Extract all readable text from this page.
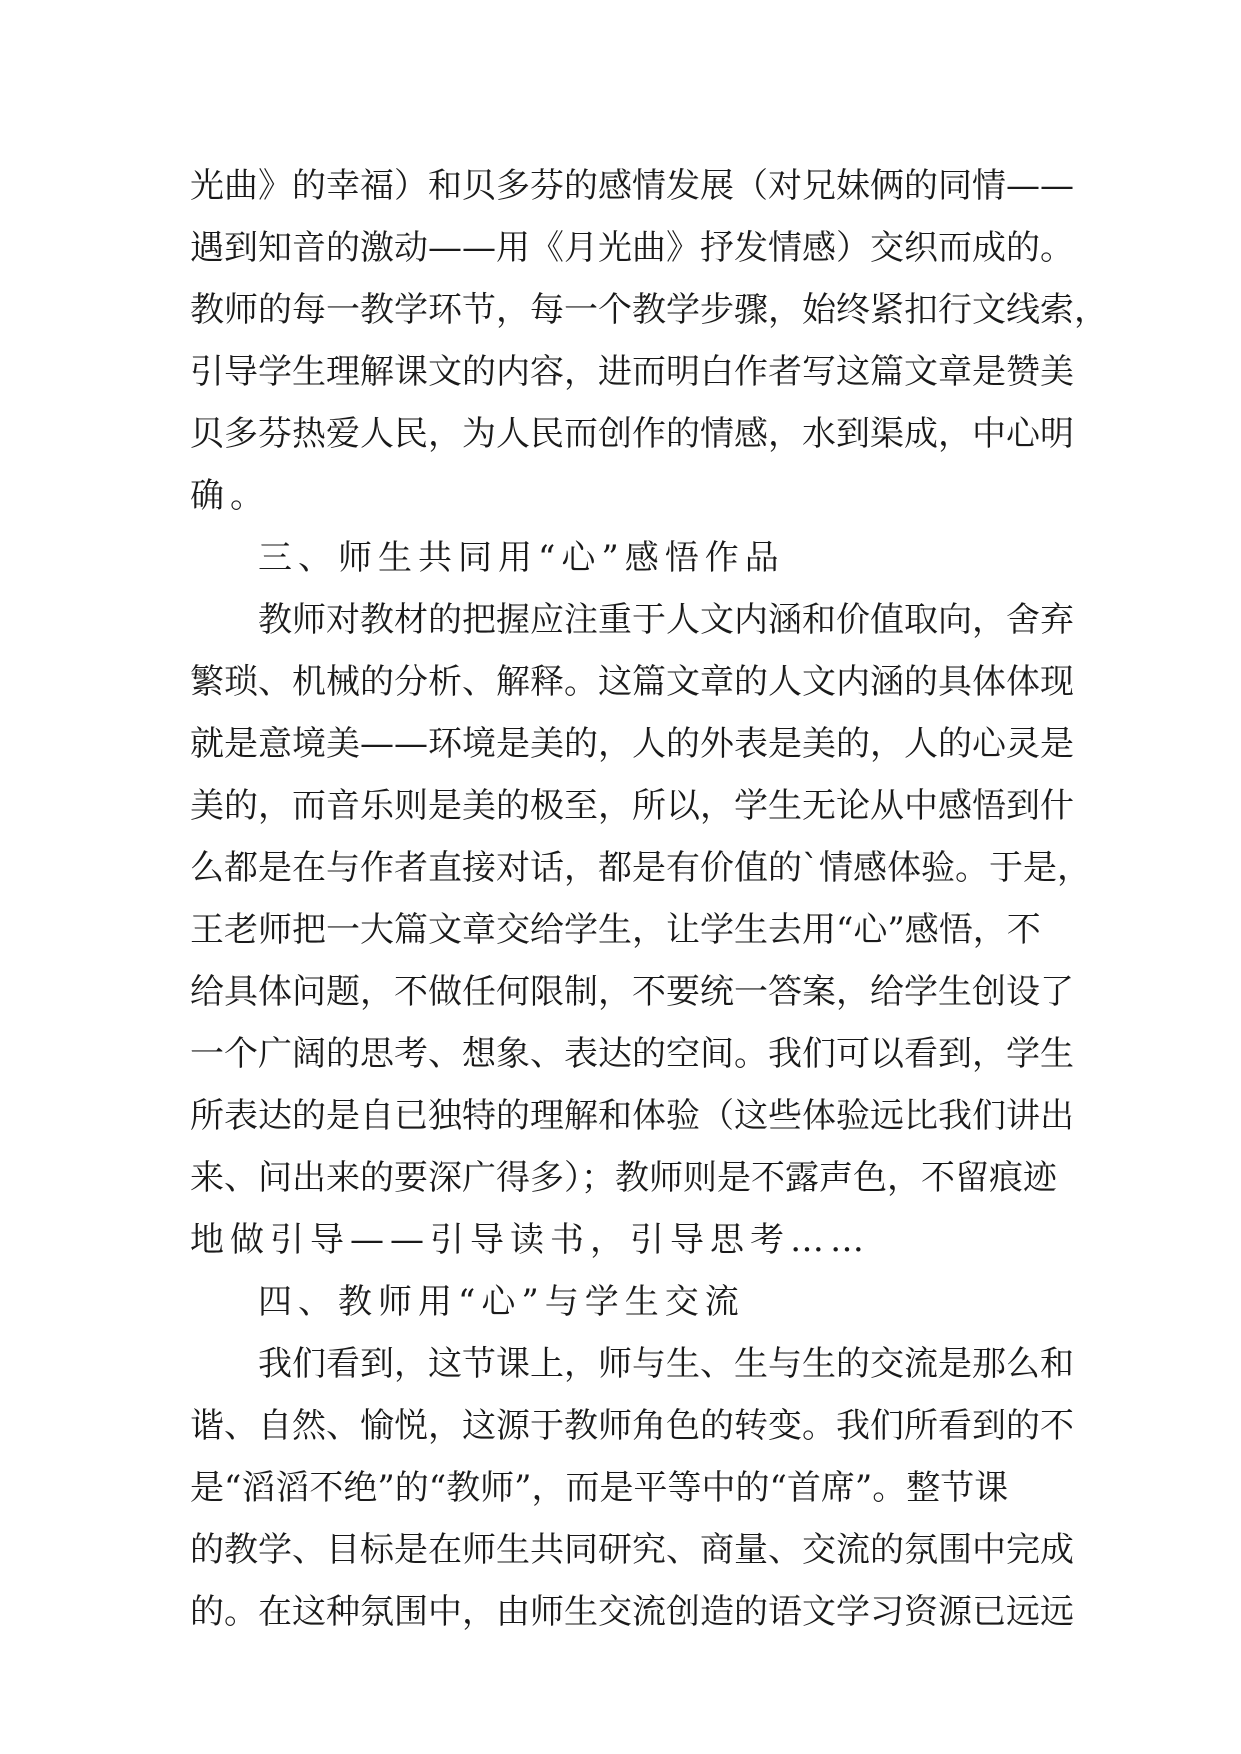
光曲》的幸福）和贝多芬的感情发展（对兄妹俩的同情——
遇到知音的激动——用《月光曲》抒发情感）交织而成的。
教师的每一教学环节，每一个教学步骤，始终紧扣行文线索，
引导学生理解课文的内容，进而明白作者写这篇文章是赞美
贝多芬热爱人民，为人民而创作的情感，水到渠成，中心明
确。
三、师生共同用“心”感悟作品
教师对教材的把握应注重于人文内涵和价值取向，舍弃
繁琐、机械的分析、解释。这篇文章的人文内涵的具体体现
就是意境美——环境是美的，人的外表是美的，人的心灵是
美的，而音乐则是美的极至，所以，学生无论从中感悟到什
么都是在与作者直接对话，都是有价值的`情感体验。于是，
王老师把一大篇文章交给学生，让学生去用“心”感悟，不
给具体问题，不做任何限制，不要统一答案，给学生创设了
一个广阔的思考、想象、表达的空间。我们可以看到，学生
所表达的是自已独特的理解和体验（这些体验远比我们讲出
来、问出来的要深广得多）；教师则是不露声色，不留痕迹
地做引导——引导读书，引导思考……
四、教师用“心”与学生交流
我们看到，这节课上，师与生、生与生的交流是那么和
谐、自然、愉悦，这源于教师角色的转变。我们所看到的不
是“滔滔不绝”的“教师”，而是平等中的“首席”。整节课
的教学、目标是在师生共同研究、商量、交流的氛围中完成
的。在这种氛围中，由师生交流创造的语文学习资源已远远
